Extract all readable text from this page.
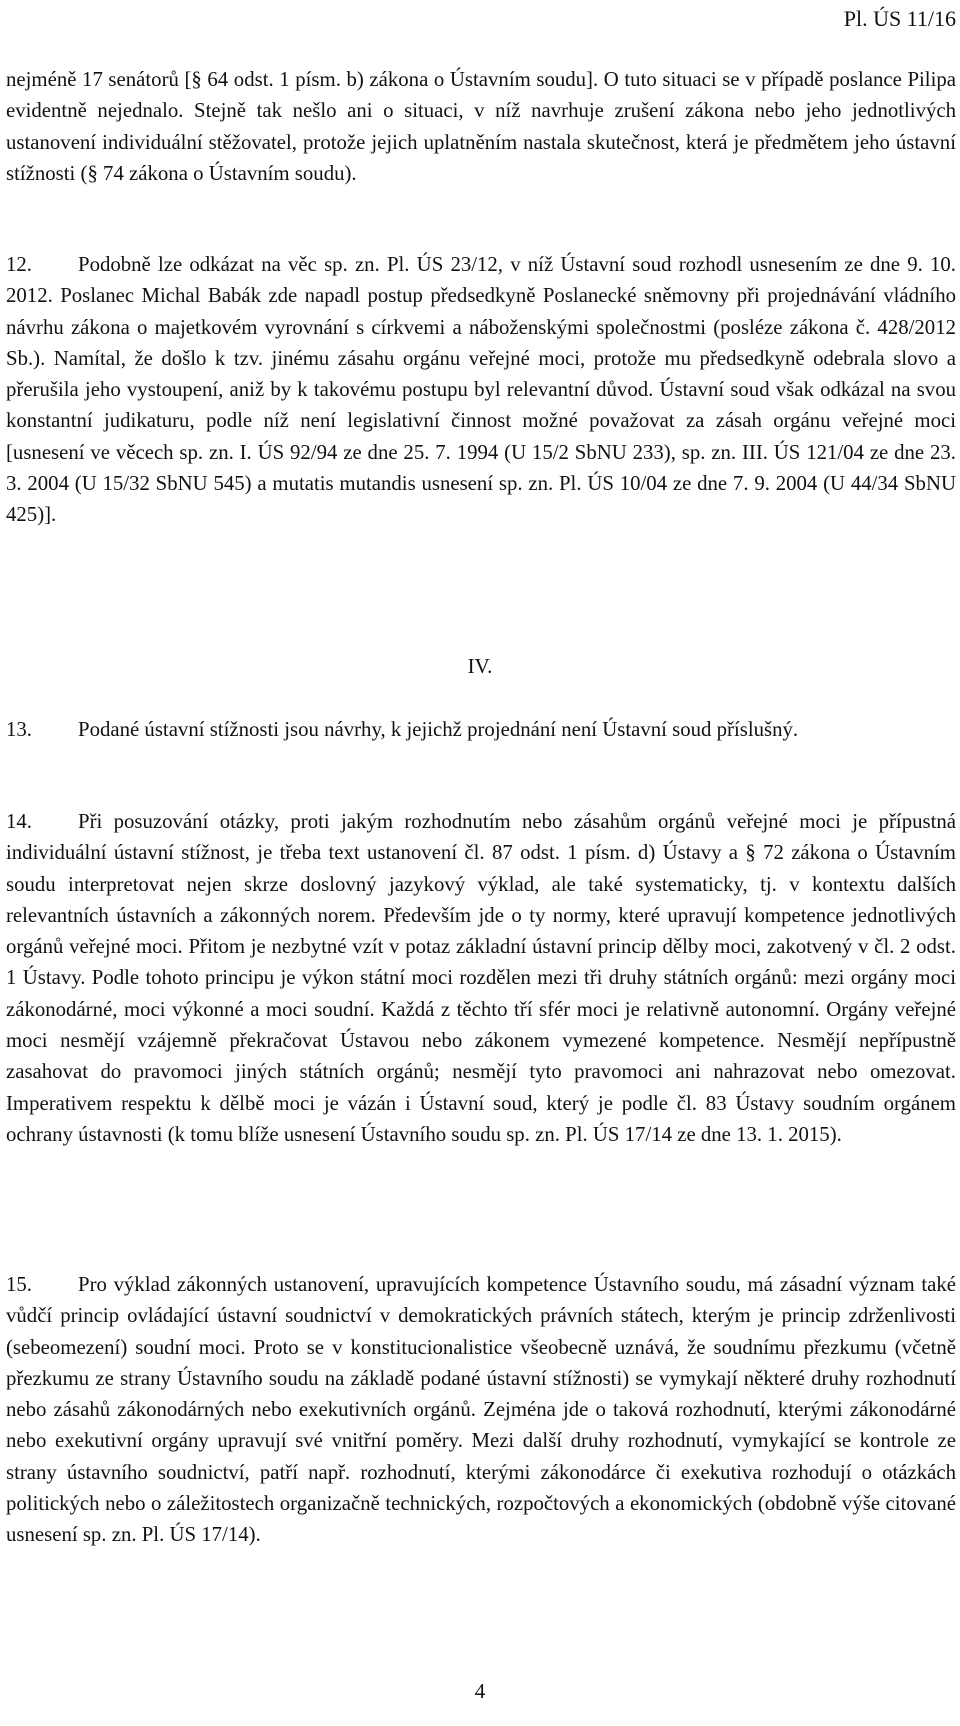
Pl. ÚS 11/16

nejméně 17 senátorů [§ 64 odst. 1 písm. b) zákona o Ústavním soudu]. O tuto situaci se v případě poslance Pilipa evidentně nejednalo. Stejně tak nešlo ani o situaci, v níž navrhuje zrušení zákona nebo jeho jednotlivých ustanovení individuální stěžovatel, protože jejich uplatněním nastala skutečnost, která je předmětem jeho ústavní stížnosti (§ 74 zákona o Ústavním soudu).

12. Podobně lze odkázat na věc sp. zn. Pl. ÚS 23/12, v níž Ústavní soud rozhodl usnesením ze dne 9. 10. 2012. Poslanec Michal Babák zde napadl postup předsedkyně Poslanecké sněmovny při projednávání vládního návrhu zákona o majetkovém vyrovnání s církvemi a náboženskými společnostmi (posléze zákona č. 428/2012 Sb.). Namítal, že došlo k tzv. jinému zásahu orgánu veřejné moci, protože mu předsedkyně odebrala slovo a přerušila jeho vystoupení, aniž by k takovému postupu byl relevantní důvod. Ústavní soud však odkázal na svou konstantní judikaturu, podle níž není legislativní činnost možné považovat za zásah orgánu veřejné moci [usnesení ve věcech sp. zn. I. ÚS 92/94 ze dne 25. 7. 1994 (U 15/2 SbNU 233), sp. zn. III. ÚS 121/04 ze dne 23. 3. 2004 (U 15/32 SbNU 545) a mutatis mutandis usnesení sp. zn. Pl. ÚS 10/04 ze dne 7. 9. 2004 (U 44/34 SbNU 425)].

IV.

13. Podané ústavní stížnosti jsou návrhy, k jejichž projednání není Ústavní soud příslušný.

14. Při posuzování otázky, proti jakým rozhodnutím nebo zásahům orgánů veřejné moci je přípustná individuální ústavní stížnost, je třeba text ustanovení čl. 87 odst. 1 písm. d) Ústavy a § 72 zákona o Ústavním soudu interpretovat nejen skrze doslovný jazykový výklad, ale také systematicky, tj. v kontextu dalších relevantních ústavních a zákonných norem. Především jde o ty normy, které upravují kompetence jednotlivých orgánů veřejné moci. Přitom je nezbytné vzít v potaz základní ústavní princip dělby moci, zakotvený v čl. 2 odst. 1 Ústavy. Podle tohoto principu je výkon státní moci rozdělen mezi tři druhy státních orgánů: mezi orgány moci zákonodárné, moci výkonné a moci soudní. Každá z těchto tří sfér moci je relativně autonomní. Orgány veřejné moci nesmějí vzájemně překračovat Ústavou nebo zákonem vymezené kompetence. Nesmějí nepřípustně zasahovat do pravomoci jiných státních orgánů; nesmějí tyto pravomoci ani nahrazovat nebo omezovat. Imperativem respektu k dělbě moci je vázán i Ústavní soud, který je podle čl. 83 Ústavy soudním orgánem ochrany ústavnosti (k tomu blíže usnesení Ústavního soudu sp. zn. Pl. ÚS 17/14 ze dne 13. 1. 2015).

15. Pro výklad zákonných ustanovení, upravujících kompetence Ústavního soudu, má zásadní význam také vůdčí princip ovládající ústavní soudnictví v demokratických právních státech, kterým je princip zdrženlivosti (sebeomezení) soudní moci. Proto se v konstitucionalistice všeobecně uznává, že soudnímu přezkumu (včetně přezkumu ze strany Ústavního soudu na základě podané ústavní stížnosti) se vymykají některé druhy rozhodnutí nebo zásahů zákonodárných nebo exekutivních orgánů. Zejména jde o taková rozhodnutí, kterými zákonodárné nebo exekutivní orgány upravují své vnitřní poměry. Mezi další druhy rozhodnutí, vymykající se kontrole ze strany ústavního soudnictví, patří např. rozhodnutí, kterými zákonodárce či exekutiva rozhodují o otázkách politických nebo o záležitostech organizačně technických, rozpočtových a ekonomických (obdobně výše citované usnesení sp. zn. Pl. ÚS 17/14).

4
